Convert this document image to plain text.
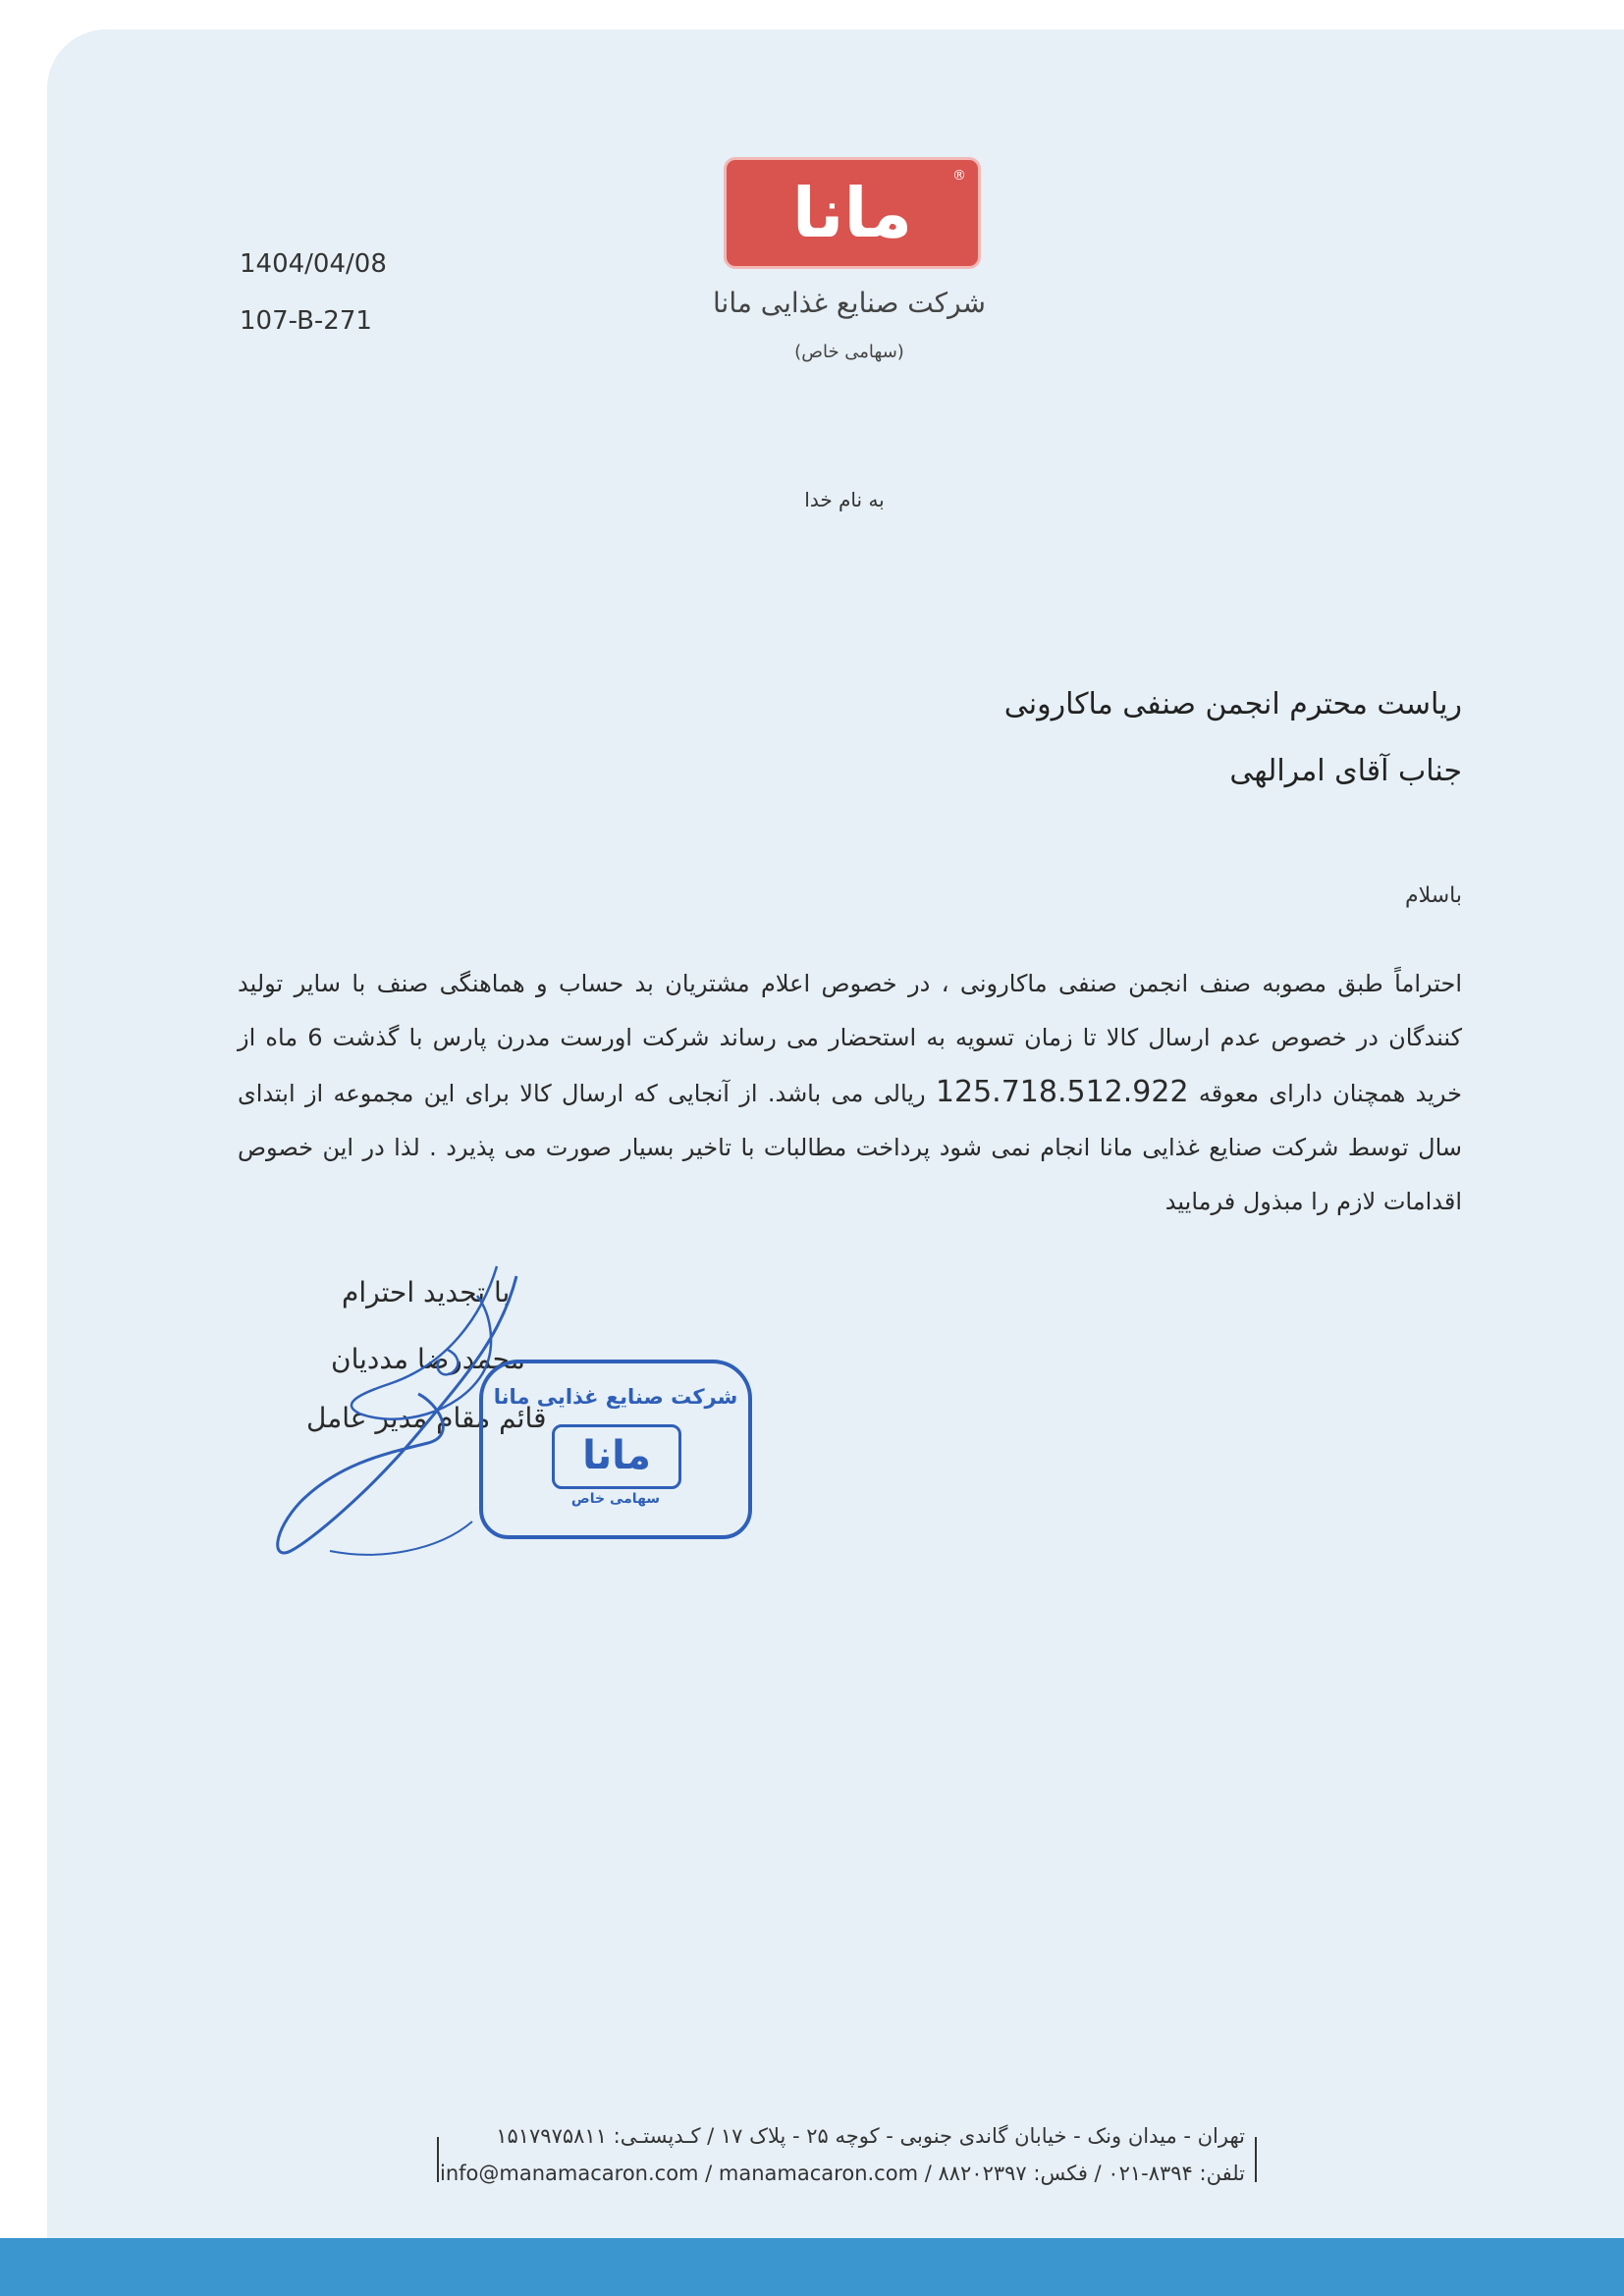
مانا	®
شرکت صنایع غذایی مانا
(سهامی خاص)
1404/04/08
107-B-271
به نام خدا
ریاست محترم انجمن صنفی ماکارونی
جناب آقای امرالهی
باسلام
احتراماً طبق مصوبه صنف انجمن صنفی ماکارونی ، در خصوص اعلام مشتریان بد حساب و هماهنگی صنف با سایر تولید کنندگان در خصوص عدم ارسال کالا تا زمان تسویه به استحضار می رساند شرکت اورست مدرن پارس با گذشت 6 ماه از خرید همچنان دارای معوقه 125.718.512.922 ریالی می باشد. از آنجایی که ارسال کالا برای این مجموعه از ابتدای سال توسط شرکت صنایع غذایی مانا انجام نمی شود پرداخت مطالبات با تاخیر بسیار صورت می پذیرد . لذا در این خصوص اقدامات لازم را مبذول فرمایید
با تجدید احترام
محمدرضا مددیان
قائم مقام مدیر عامل
شرکت صنایع غذایی مانا
مانا
سهامی خاص
تهران - میدان ونک - خیابان گاندی جنوبی - کوچه ۲۵ - پلاک ۱۷ / کـدپستـی: ۱۵۱۷۹۷۵۸۱۱
تلفن: ۸۳۹۴-۰۲۱ / فکس: ۸۸۲۰۲۳۹۷ / info@manamacaron.com / manamacaron.com
